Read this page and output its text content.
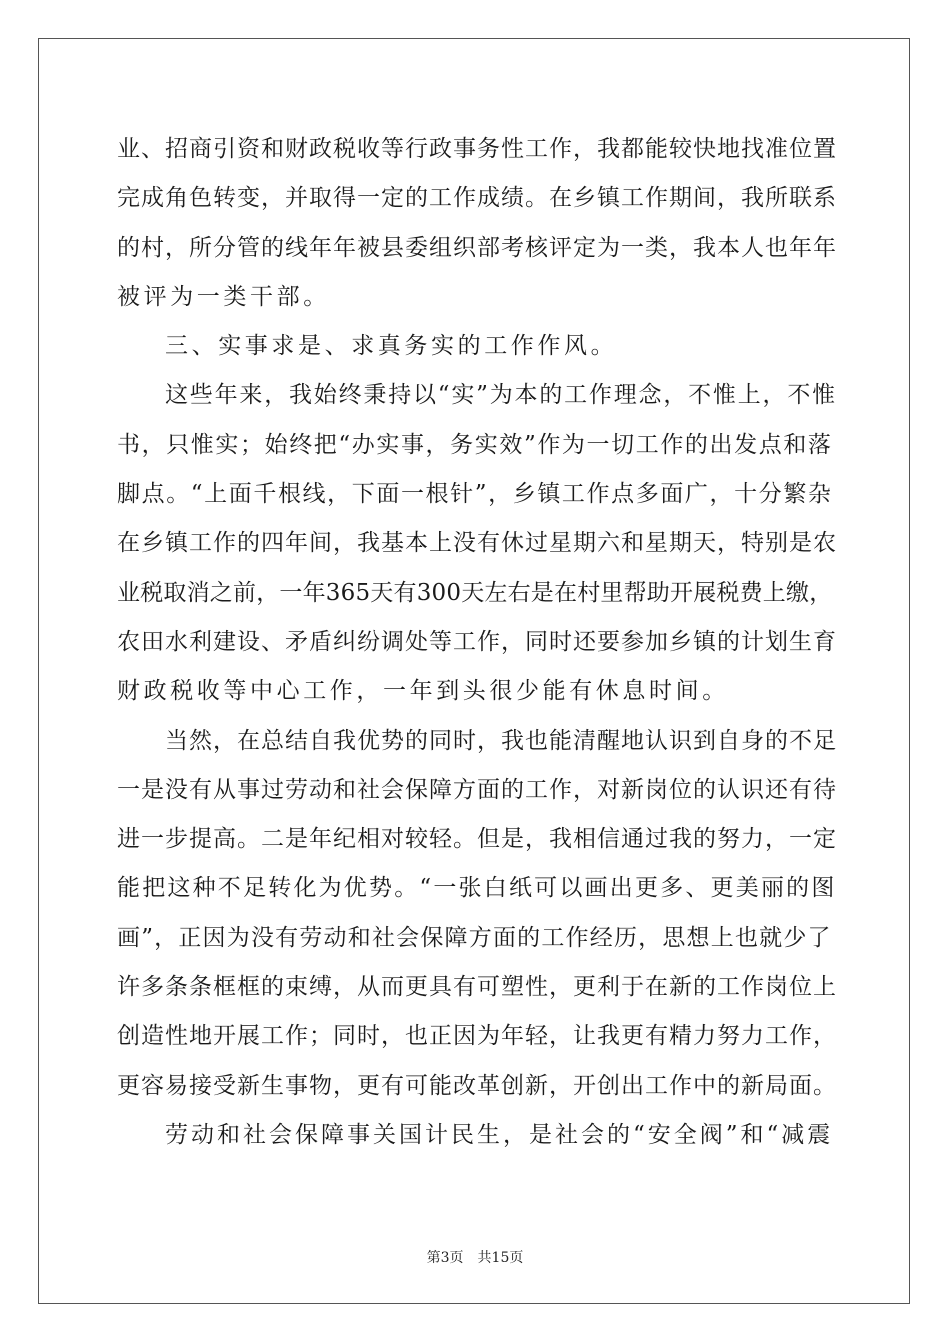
业、招商引资和财政税收等行政事务性工作，我都能较快地找准位置
完成角色转变，并取得一定的工作成绩。在乡镇工作期间，我所联系
的村，所分管的线年年被县委组织部考核评定为一类，我本人也年年
被评为一类干部。
三、实事求是、求真务实的工作作风。
这些年来，我始终秉持以“实”为本的工作理念，不惟上，不惟
书，只惟实；始终把“办实事，务实效”作为一切工作的出发点和落
脚点。“上面千根线，下面一根针”，乡镇工作点多面广，十分繁杂
在乡镇工作的四年间，我基本上没有休过星期六和星期天，特别是农
业税取消之前，一年365天有300天左右是在村里帮助开展税费上缴，
农田水利建设、矛盾纠纷调处等工作，同时还要参加乡镇的计划生育
财政税收等中心工作，一年到头很少能有休息时间。
当然，在总结自我优势的同时，我也能清醒地认识到自身的不足
一是没有从事过劳动和社会保障方面的工作，对新岗位的认识还有待
进一步提高。二是年纪相对较轻。但是，我相信通过我的努力，一定
能把这种不足转化为优势。“一张白纸可以画出更多、更美丽的图
画”，正因为没有劳动和社会保障方面的工作经历，思想上也就少了
许多条条框框的束缚，从而更具有可塑性，更利于在新的工作岗位上
创造性地开展工作；同时，也正因为年轻，让我更有精力努力工作，
更容易接受新生事物，更有可能改革创新，开创出工作中的新局面。
劳动和社会保障事关国计民生，是社会的“安全阀”和“减震
第3页　共15页
